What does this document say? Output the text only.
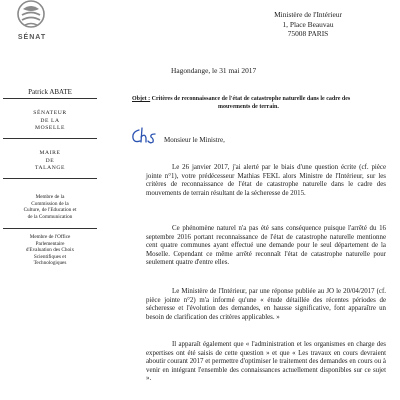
SÉNAT
Ministère de l'Intérieur
1, Place Beauvau
75008 PARIS
Hagondange, le 31 mai 2017
Patrick ABATE
SÉNATEUR
DE LA
MOSELLE
MAIRE
DE
TALANGE
Membre de la
Commission de la
Culture, de l'Education et
de la Communication
Membre de l'Office
Parlementaire
d'Evaluation des Choix
Scientifiques et
Technologiques
Objet : Critères de reconnaissance de l'état de catastrophe naturelle dans le cadre des
mouvements de terrain.
Monsieur le Ministre,
Le 26 janvier 2017, j'ai alerté par le biais d'une question écrite (cf. pièce jointe n°1), votre prédécesseur Mathias FEKL alors Ministre de l'Intérieur, sur les critères de reconnaissance de l'état de catastrophe naturelle dans le cadre des mouvements de terrain résultant de la sécheresse de 2015.
Ce phénomène naturel n'a pas été sans conséquence puisque l'arrêté du 16 septembre 2016 portant reconnaissance de l'état de catastrophe naturelle mentionne cent quatre communes ayant effectué une demande pour le seul département de la Moselle. Cependant ce même arrêté reconnaît l'état de catastrophe naturelle pour seulement quatre d'entre elles.
Le Ministère de l'Intérieur, par une réponse publiée au JO le 20/04/2017 (cf. pièce jointe n°2) m'a informé qu'une « étude détaillée des récentes périodes de sécheresse et l'évolution des demandes, en hausse significative, font apparaître un besoin de clarification des critères applicables. »
Il apparaît également que « l'administration et les organismes en charge des expertises ont été saisis de cette question » et que « Les travaux en cours devraient aboutir courant 2017 et permettre d'optimiser le traitement des demandes en cours ou à venir en intégrant l'ensemble des connaissances actuellement disponibles sur ce sujet ».
